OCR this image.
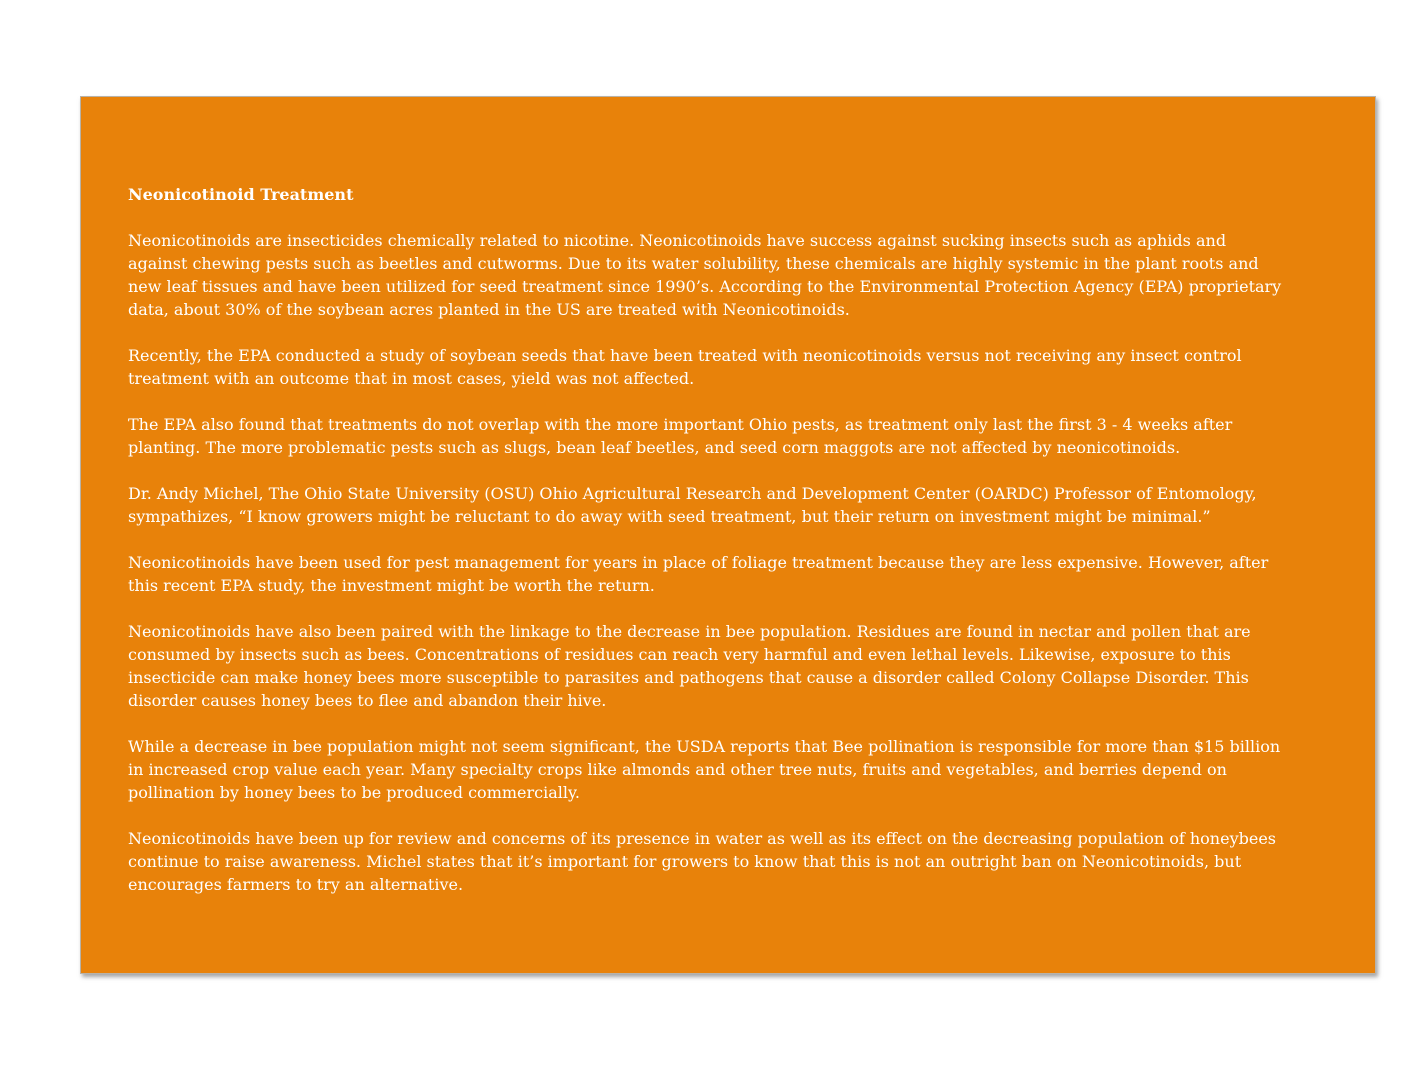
Neonicotinoid Treatment

Neonicotinoids are insecticides chemically related to nicotine. Neonicotinoids have success against sucking insects such as aphids and against chewing pests such as beetles and cutworms. Due to its water solubility, these chemicals are highly systemic in the plant roots and new leaf tissues and have been utilized for seed treatment since 1990’s. According to the Environmental Protection Agency (EPA) proprietary data, about 30% of the soybean acres planted in the US are treated with Neonicotinoids.

Recently, the EPA conducted a study of soybean seeds that have been treated with neonicotinoids versus not receiving any insect control treatment with an outcome that in most cases, yield was not affected.

The EPA also found that treatments do not overlap with the more important Ohio pests, as treatment only last the first 3 - 4 weeks after planting. The more problematic pests such as slugs, bean leaf beetles, and seed corn maggots are not affected by neonicotinoids.

Dr. Andy Michel, The Ohio State University (OSU) Ohio Agricultural Research and Development Center (OARDC) Professor of Entomology, sympathizes, “I know growers might be reluctant to do away with seed treatment, but their return on investment might be minimal.”

Neonicotinoids have been used for pest management for years in place of foliage treatment because they are less expensive. However, after this recent EPA study, the investment might be worth the return.

Neonicotinoids have also been paired with the linkage to the decrease in bee population. Residues are found in nectar and pollen that are consumed by insects such as bees. Concentrations of residues can reach very harmful and even lethal levels. Likewise, exposure to this insecticide can make honey bees more susceptible to parasites and pathogens that cause a disorder called Colony Collapse Disorder. This disorder causes honey bees to flee and abandon their hive.

While a decrease in bee population might not seem significant, the USDA reports that Bee pollination is responsible for more than $15 billion in increased crop value each year. Many specialty crops like almonds and other tree nuts, fruits and vegetables, and berries depend on pollination by honey bees to be produced commercially.

Neonicotinoids have been up for review and concerns of its presence in water as well as its effect on the decreasing population of honeybees continue to raise awareness. Michel states that it’s important for growers to know that this is not an outright ban on Neonicotinoids, but encourages farmers to try an alternative.
